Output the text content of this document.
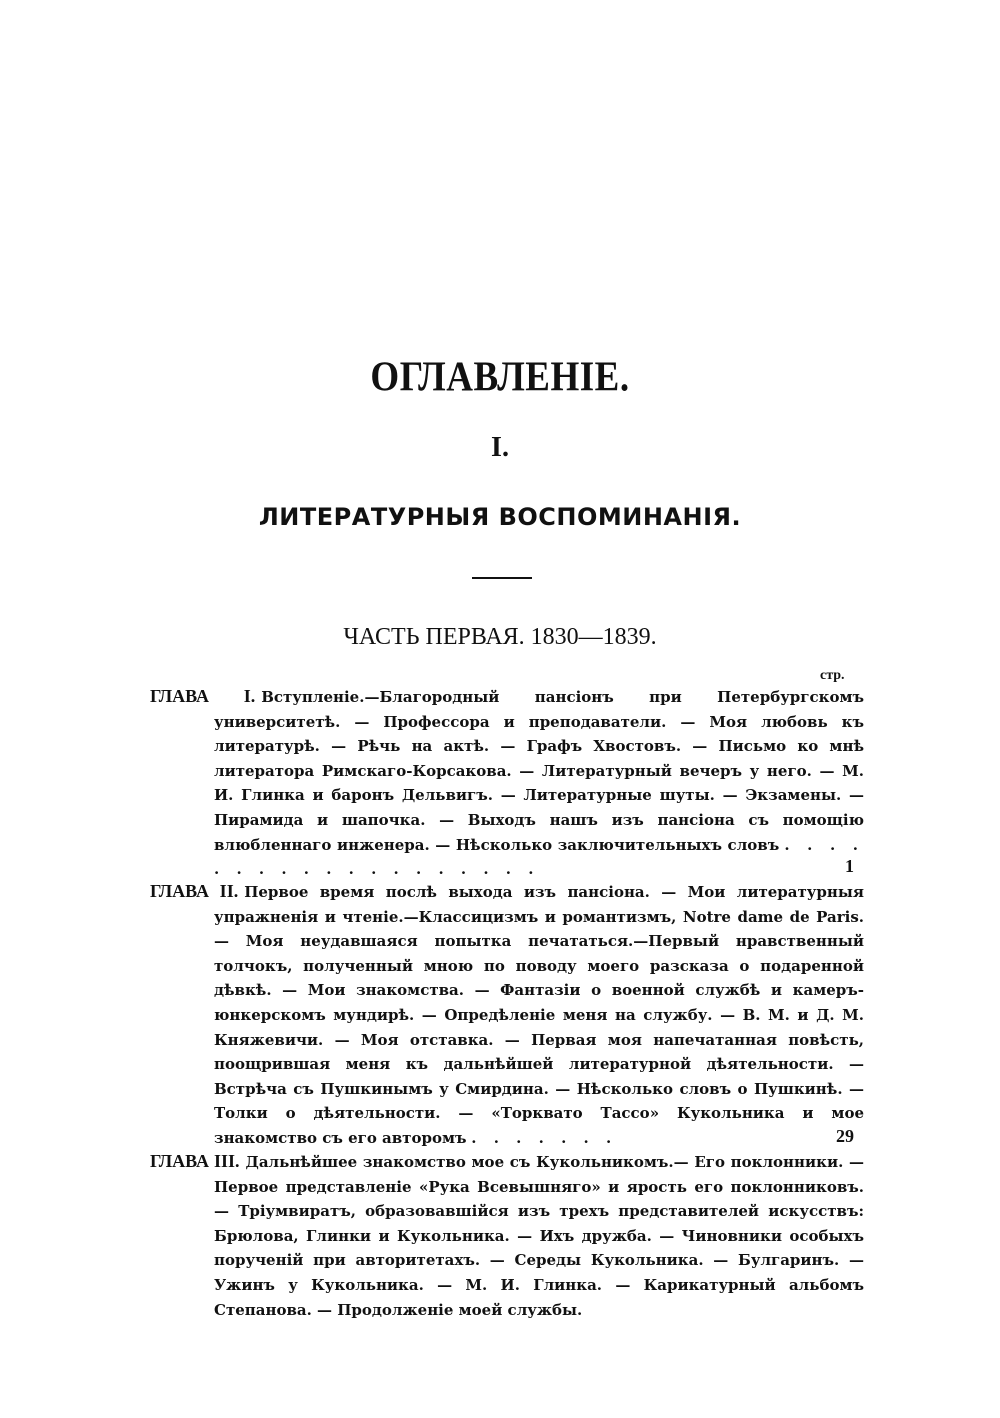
ОГЛАВЛЕНІЕ.
I.
ЛИТЕРАТУРНЫЯ ВОСПОМИНАНІЯ.
ЧАСТЬ ПЕРВАЯ. 1830—1839.
стр.
ГЛАВА I. Вступленіе.—Благородный пансіонъ при Петербургскомъ университетѣ. — Профессора и преподаватели. — Моя любовь къ литературѣ. — Рѣчь на актѣ. — Графъ Хвостовъ. — Письмо ко мнѣ литератора Римскаго-Корсакова. — Литературный вечеръ у него. — М. И. Глинка и баронъ Дельвигъ. — Литературные шуты. — Экзамены. — Пирамида и шапочка. — Выходъ нашъ изъ пансіона съ помощію влюбленнаго инженера. — Нѣсколько заключительныхъ словъ . . . . . . . . . . . . . . . . . . .	1
ГЛАВА II. Первое время послѣ выхода изъ пансіона. — Мои литературныя упражненія и чтеніе.—Классицизмъ и романтизмъ, Notre dame de Paris. — Моя неудавшаяся попытка печататься.—Первый нравственный толчокъ, полученный мною по поводу моего разсказа о подаренной дѣвкѣ. — Мои знакомства. — Фантазіи о военной службѣ и камеръ-юнкерскомъ мундирѣ. — Опредѣленіе меня на службу. — В. М. и Д. М. Княжевичи. — Моя отставка. — Первая моя напечатанная повѣсть, поощрившая меня къ дальнѣйшей литературной дѣятельности. — Встрѣча съ Пушкинымъ у Смирдина. — Нѣсколько словъ о Пушкинѣ. — Толки о дѣятельности. — «Торквато Тассо» Кукольника и мое знакомство съ его авторомъ . . . . . . .	29
ГЛАВА III. Дальнѣйшее знакомство мое съ Кукольникомъ.— Его поклонники. — Первое представленіе «Рука Всевышняго» и ярость его поклонниковъ. — Тріумвиратъ, образовавшійся изъ трехъ представителей искусствъ: Брюлова, Глинки и Кукольника. — Ихъ дружба. — Чиновники особыхъ порученій при авторитетахъ. — Середы Кукольника. — Булгаринъ. — Ужинъ у Кукольника. — М. И. Глинка. — Карикатурный альбомъ Степанова. — Продолженіе моей службы.
